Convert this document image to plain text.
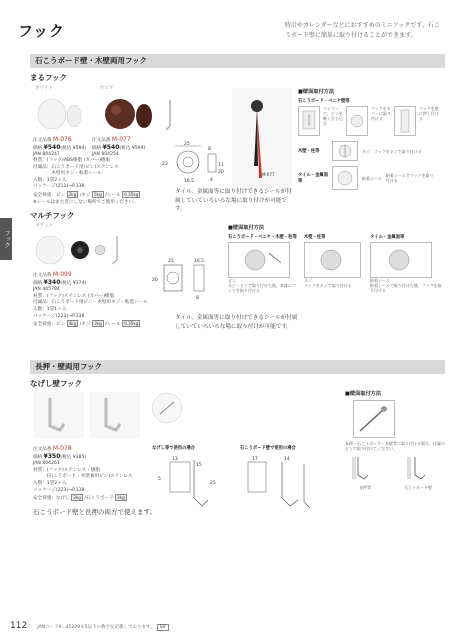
フック	時計やカレンダーなどにおすすめのミニフックです。石こうボード壁に簡単に取り付けることができます。
フック
石こうボード壁・木壁両用フック
まるフック
ホワイト	セピア
注文品番 M-076
価格 ¥540(税込 ¥594)
JAN 804247
注文品番 M-077
価格 ¥540(税込 ¥594)
JAN 804254
材質：(フック)ABS樹脂 (カバー)樹脂
付属品：石こうボード用(ピン)ステンレス
　　　　木壁用ネジ・粘着シール
入数：1袋2ヶ入
パッケージ(211)→P.138
安全荷重：ピン 2kg /ネジ 5kg /シール 0.35kg
※シールはまたぎにしない場所でご使用ください。
25
23
8
11
20
4
16.5
M-077
■壁面取付方法
石こうボード・ベニヤ壁等
ハンマーで、ピンを軽く打ち込む
フックをカバーに取り付ける
フックを壁に押し付ける
木壁・柱等	ネジ フックをネジで取り付ける
タイル・金属面等
粘着シール 粘着シールでフックを取り付ける
タイル、金属面等に取り付けできるシールが付属していていろいろな場に取り付けが可能です。
マルチフック
ブラック
注文品番 M-099
価格 ¥340(税込 ¥374)
JAN 405784
材質：(フック)ステンレス (カバー)樹脂
付属品：石こうボード用ピン・木壁用ネジ・粘着シール
入数：1袋1ヶ入
パッケージ(223)→P.138
安全荷重：ピン 4kg /ネジ 3kg /シール 0.35kg
25	16.5
20
8
タイル、金属面等に取り付けできるシールが付属していていろいろな場に取り付けが可能です。
■壁面取付方法
石こうボード・ベニヤ・木壁・柱等
ピン
ネジ・ピンで取り付けた後、本体にフックを取り付ける
木壁・柱等
ネジ
フックをネジで取り付ける
タイル・金属面等
粘着シール
粘着シールで取り付けた後、フックを取り付ける
長押・壁両用フック
なげし壁フック
注文品番 M-078
価格 ¥350(税込 ¥385)
JAN 804261
材質：(フック)ステンレス・樹脂
　　　(石こうボード・木壁兼用ピン)ステンレス
入数：1袋2ヶ入
パッケージ(223)→P.138
安全荷重：なげし 2kg /石こうボード 3kg
石こうボード壁と長押の両方で使えます。
なげし等で使用の場合
13
15
5
25
石こうボード壁で使用の場合
17	14
■壁面取付方法
長押・石こうボード・木壁等に取り付ける場合、付属のピンで取り付けてください。
長押等	石こうボード壁
112 JANコード9...45209８5以下の数字を記載しております。 SV
